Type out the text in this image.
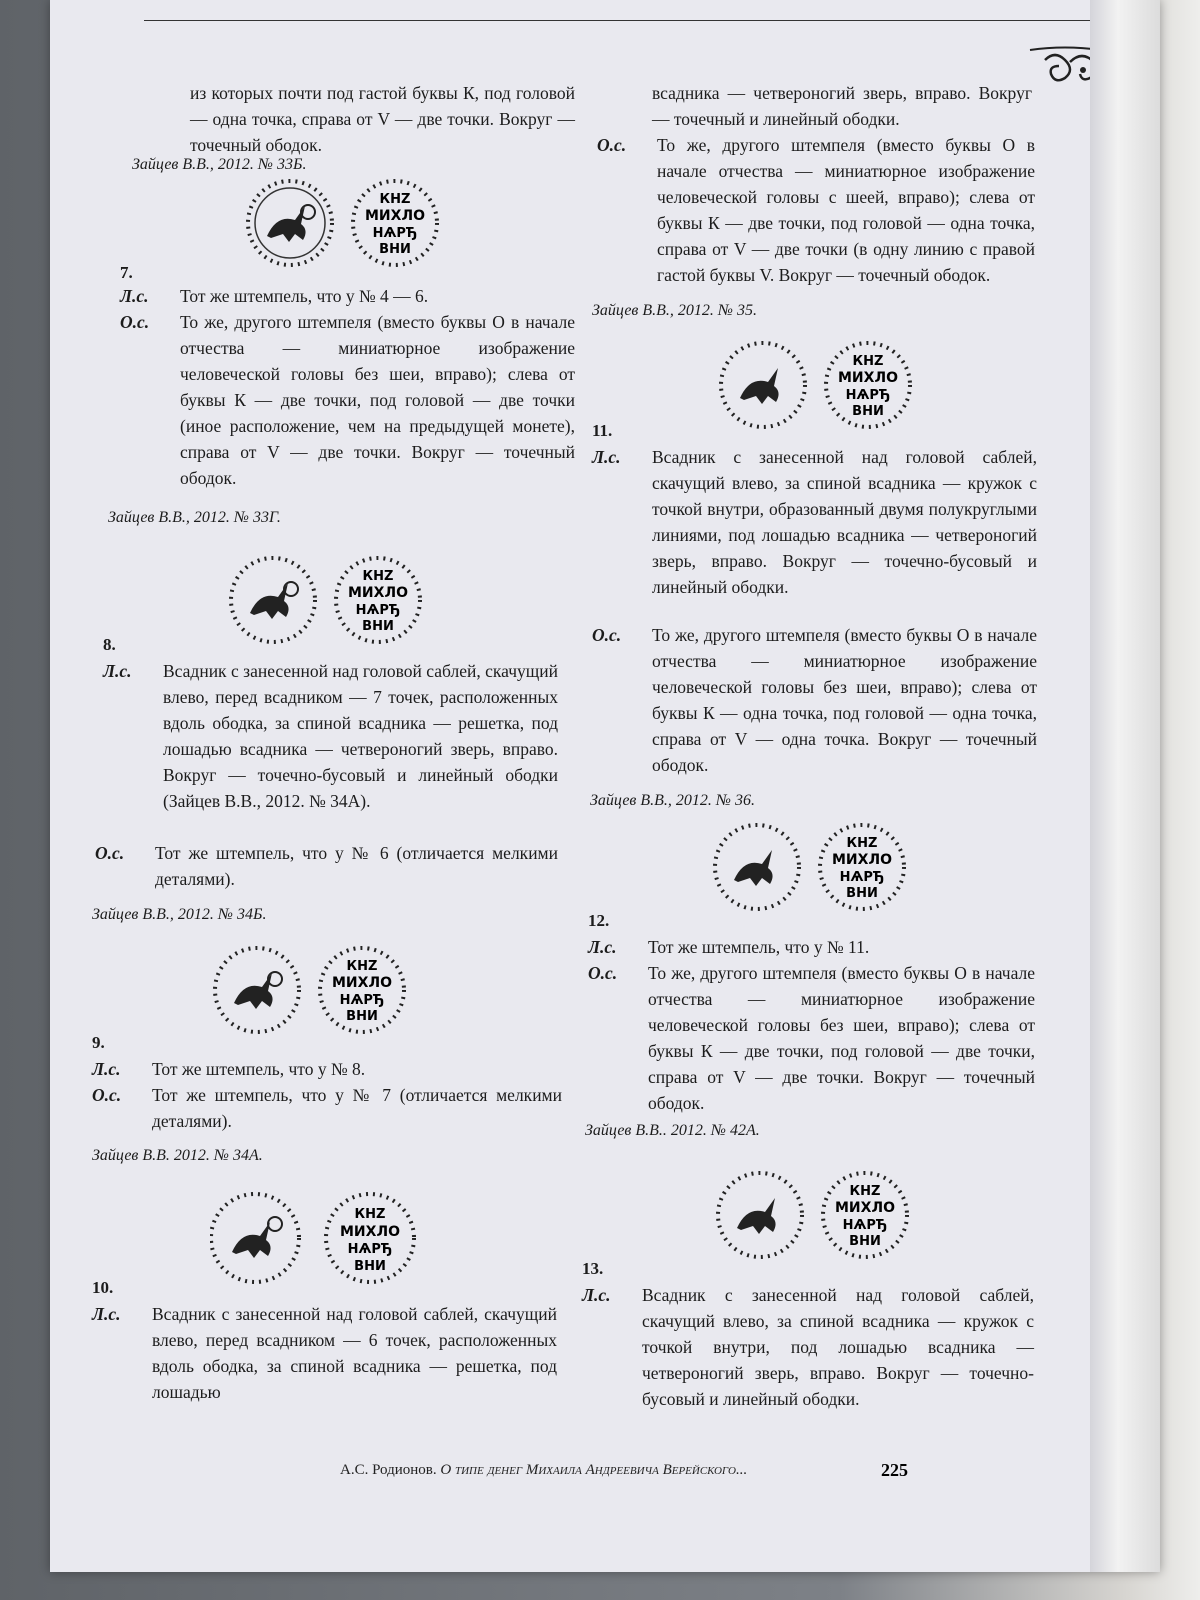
из которых почти под гастой буквы К, под головой — одна точка, справа от V — две точки. Вокруг — точечный ободок.

Зайцев В.В., 2012. № 33Б.
КНZ
МИХЛО
НѦРЂ
ВНИ
7.
Л.с.	Тот же штемпель, что у № 4 — 6.
О.с.	То же, другого штемпеля (вместо буквы О в начале отчества — миниатюрное изображение человеческой головы без шеи, вправо); слева от буквы К — две точки, под головой — две точки (иное расположение, чем на предыдущей монете), справа от V — две точки. Вокруг — точечный ободок.
Зайцев В.В., 2012. № 33Г.
КНZ
МИХЛО
НѦРЂ
ВНИ
8.
Л.с.	Всадник с занесенной над головой саблей, скачущий влево, перед всадником — 7 точек, расположенных вдоль ободка, за спиной всадника — решетка, под лошадью всадника — четвероногий зверь, вправо. Вокруг — точечно-бусовый и линейный ободки (Зайцев В.В., 2012. № 34А).
О.с.	Тот же штемпель, что у № 6 (отличается мелкими деталями).
Зайцев В.В., 2012. № 34Б.
КНZ
МИХЛО
НѦРЂ
ВНИ
9.
Л.с.	Тот же штемпель, что у № 8.
О.с.	Тот же штемпель, что у № 7 (отличается мелкими деталями).
Зайцев В.В. 2012. № 34А.
КНZ
МИХЛО
НѦРЂ
ВНИ
10.
Л.с.	Всадник с занесенной над головой саблей, скачущий влево, перед всадником — 6 точек, расположенных вдоль ободка, за спиной всадника — решетка, под лошадью
всадника — четвероногий зверь, вправо. Вокруг — точечный и линейный ободки.
О.с.	То же, другого штемпеля (вместо буквы О в начале отчества — миниатюрное изображение человеческой головы с шеей, вправо); слева от буквы К — две точки, под головой — одна точка, справа от V — две точки (в одну линию с правой гастой буквы V. Вокруг — точечный ободок.
Зайцев В.В., 2012. № 35.
КНZ
МИХЛО
НѦРЂ
ВНИ
11.
Л.с.	Всадник с занесенной над головой саблей, скачущий влево, за спиной всадника — кружок с точкой внутри, образованный двумя полукруглыми линиями, под лошадью всадника — четвероногий зверь, вправо. Вокруг — точечно-бусовый и линейный ободки.
О.с.	То же, другого штемпеля (вместо буквы О в начале отчества — миниатюрное изображение человеческой головы без шеи, вправо); слева от буквы К — одна точка, под головой — одна точка, справа от V — одна точка. Вокруг — точечный ободок.
Зайцев В.В., 2012. № 36.
КНZ
МИХЛО
НѦРЂ
ВНИ
12.
Л.с.	Тот же штемпель, что у № 11.
О.с.	То же, другого штемпеля (вместо буквы О в начале отчества — миниатюрное изображение человеческой головы без шеи, вправо); слева от буквы К — две точки, под головой — две точки, справа от V — две точки. Вокруг — точечный ободок.
Зайцев В.В.. 2012. № 42А.
КНZ
МИХЛО
НѦРЂ
ВНИ
13.
Л.с.	Всадник с занесенной над головой саблей, скачущий влево, за спиной всадника — кружок с точкой внутри, под лошадью всадника — четвероногий зверь, вправо. Вокруг — точечно-бусовый и линейный ободки.
А.С. Родионов. О типе денег Михаила Андреевича Верейского...	225
